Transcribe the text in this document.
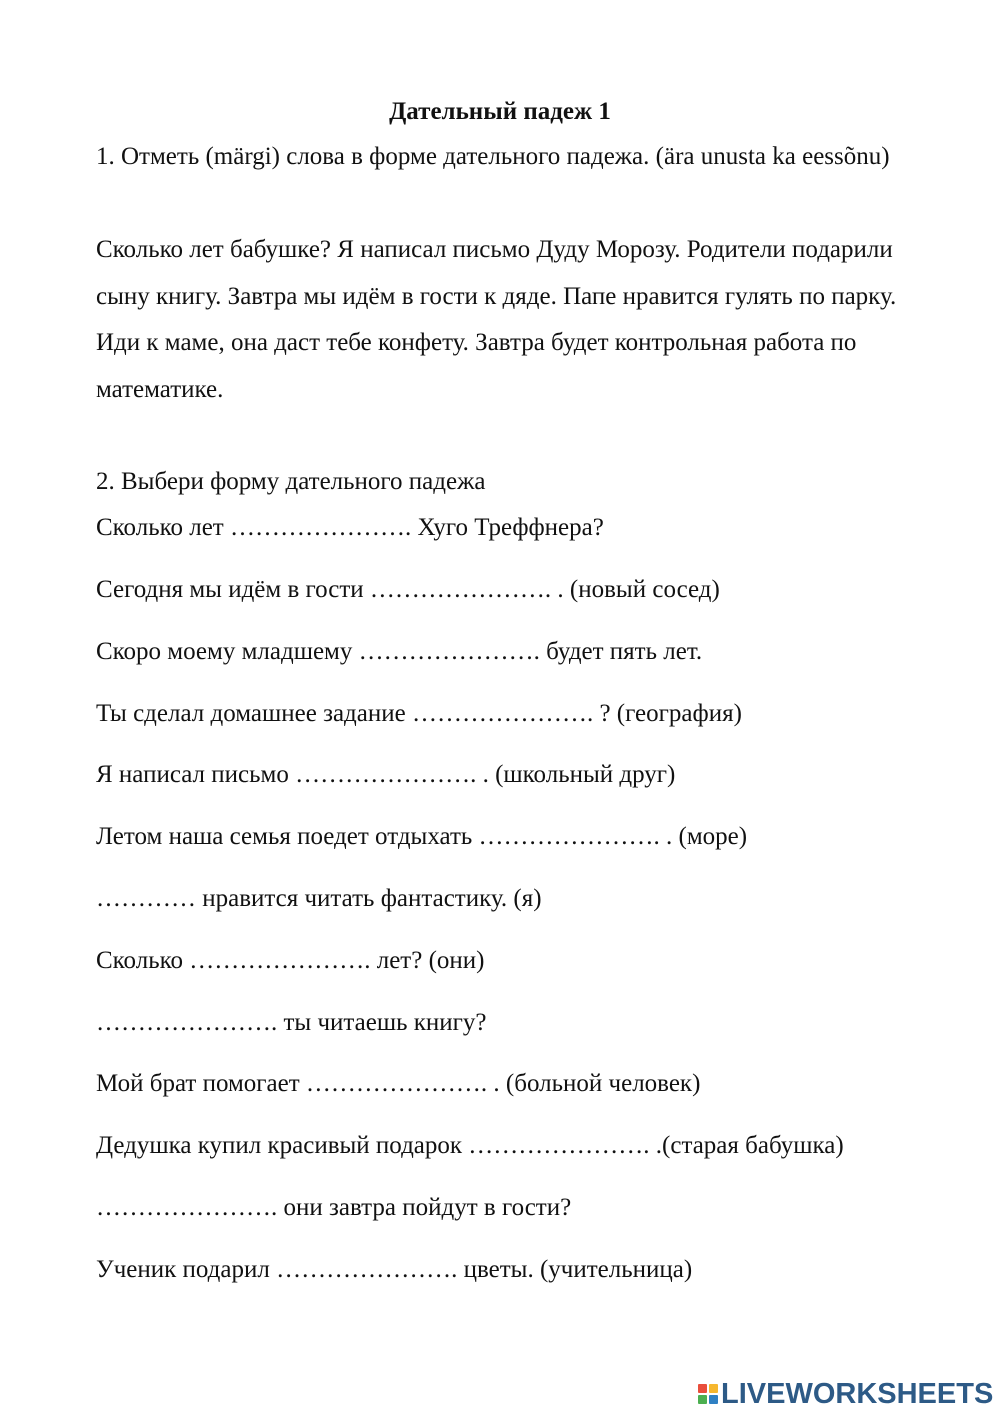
Дательный падеж 1
1. Отметь (märgi) слова в форме дательного падежа. (ära unusta ka eessõnu)
Сколько лет бабушке? Я написал письмо Дуду Морозу. Родители подарили сыну книгу. Завтра мы идём в гости к дяде. Папе нравится гулять по парку. Иди к маме, она даст тебе конфету. Завтра будет контрольная работа по математике.
2. Выбери форму дательного падежа
Сколько лет …………………. Хуго Треффнера?
Сегодня мы идём в гости …………………. . (новый сосед)
Скоро моему младшему …………………. будет пять лет.
Ты сделал домашнее задание …………………. ? (география)
Я написал письмо …………………. . (школьный друг)
Летом наша семья поедет отдыхать …………………. . (море)
………… нравится читать фантастику. (я)
Сколько …………………. лет? (они)
…………………. ты читаешь книгу?
Мой брат помогает …………………. . (больной человек)
Дедушка купил красивый подарок …………………. .(старая бабушка)
…………………. они завтра пойдут в гости?
Ученик подарил …………………. цветы. (учительница)
LIVEWORKSHEETS
